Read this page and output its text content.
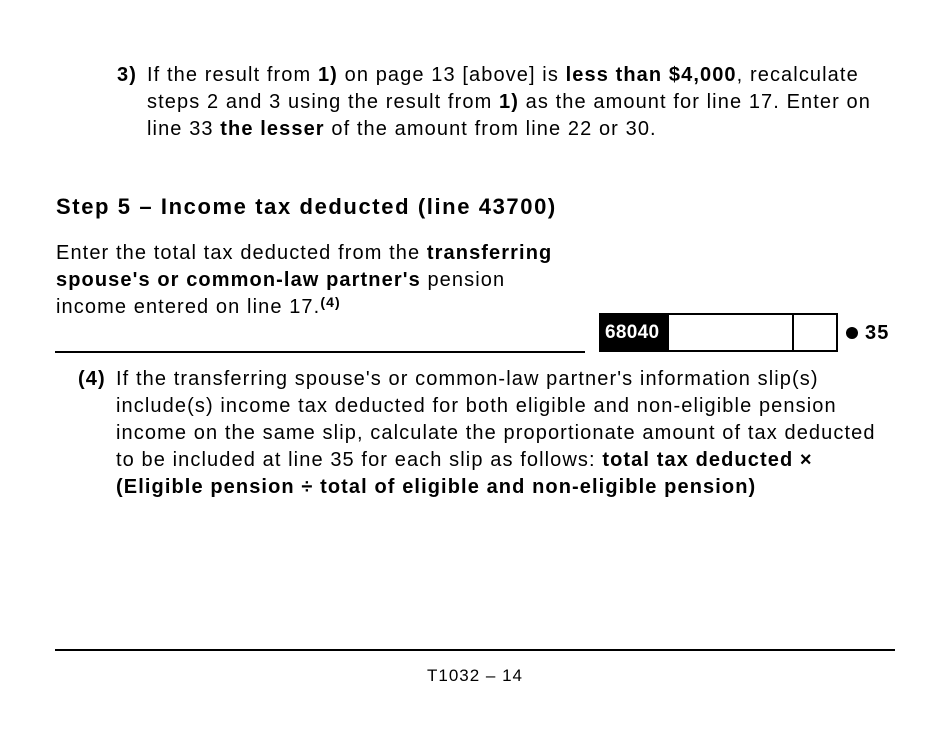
3) If the result from 1) on page 13 [above] is less than $4,000, recalculate steps 2 and 3 using the result from 1) as the amount for line 17. Enter on line 33 the lesser of the amount from line 22 or 30.
Step 5 – Income tax deducted (line 43700)
Enter the total tax deducted from the transferring spouse's or common-law partner's pension income entered on line 17.$^{(4)}$
68040	35
(4) If the transferring spouse's or common-law partner's information slip(s) include(s) income tax deducted for both eligible and non-eligible pension income on the same slip, calculate the proportionate amount of tax deducted to be included at line 35 for each slip as follows: total tax deducted × (Eligible pension ÷ total of eligible and non-eligible pension)
T1032 – 14
